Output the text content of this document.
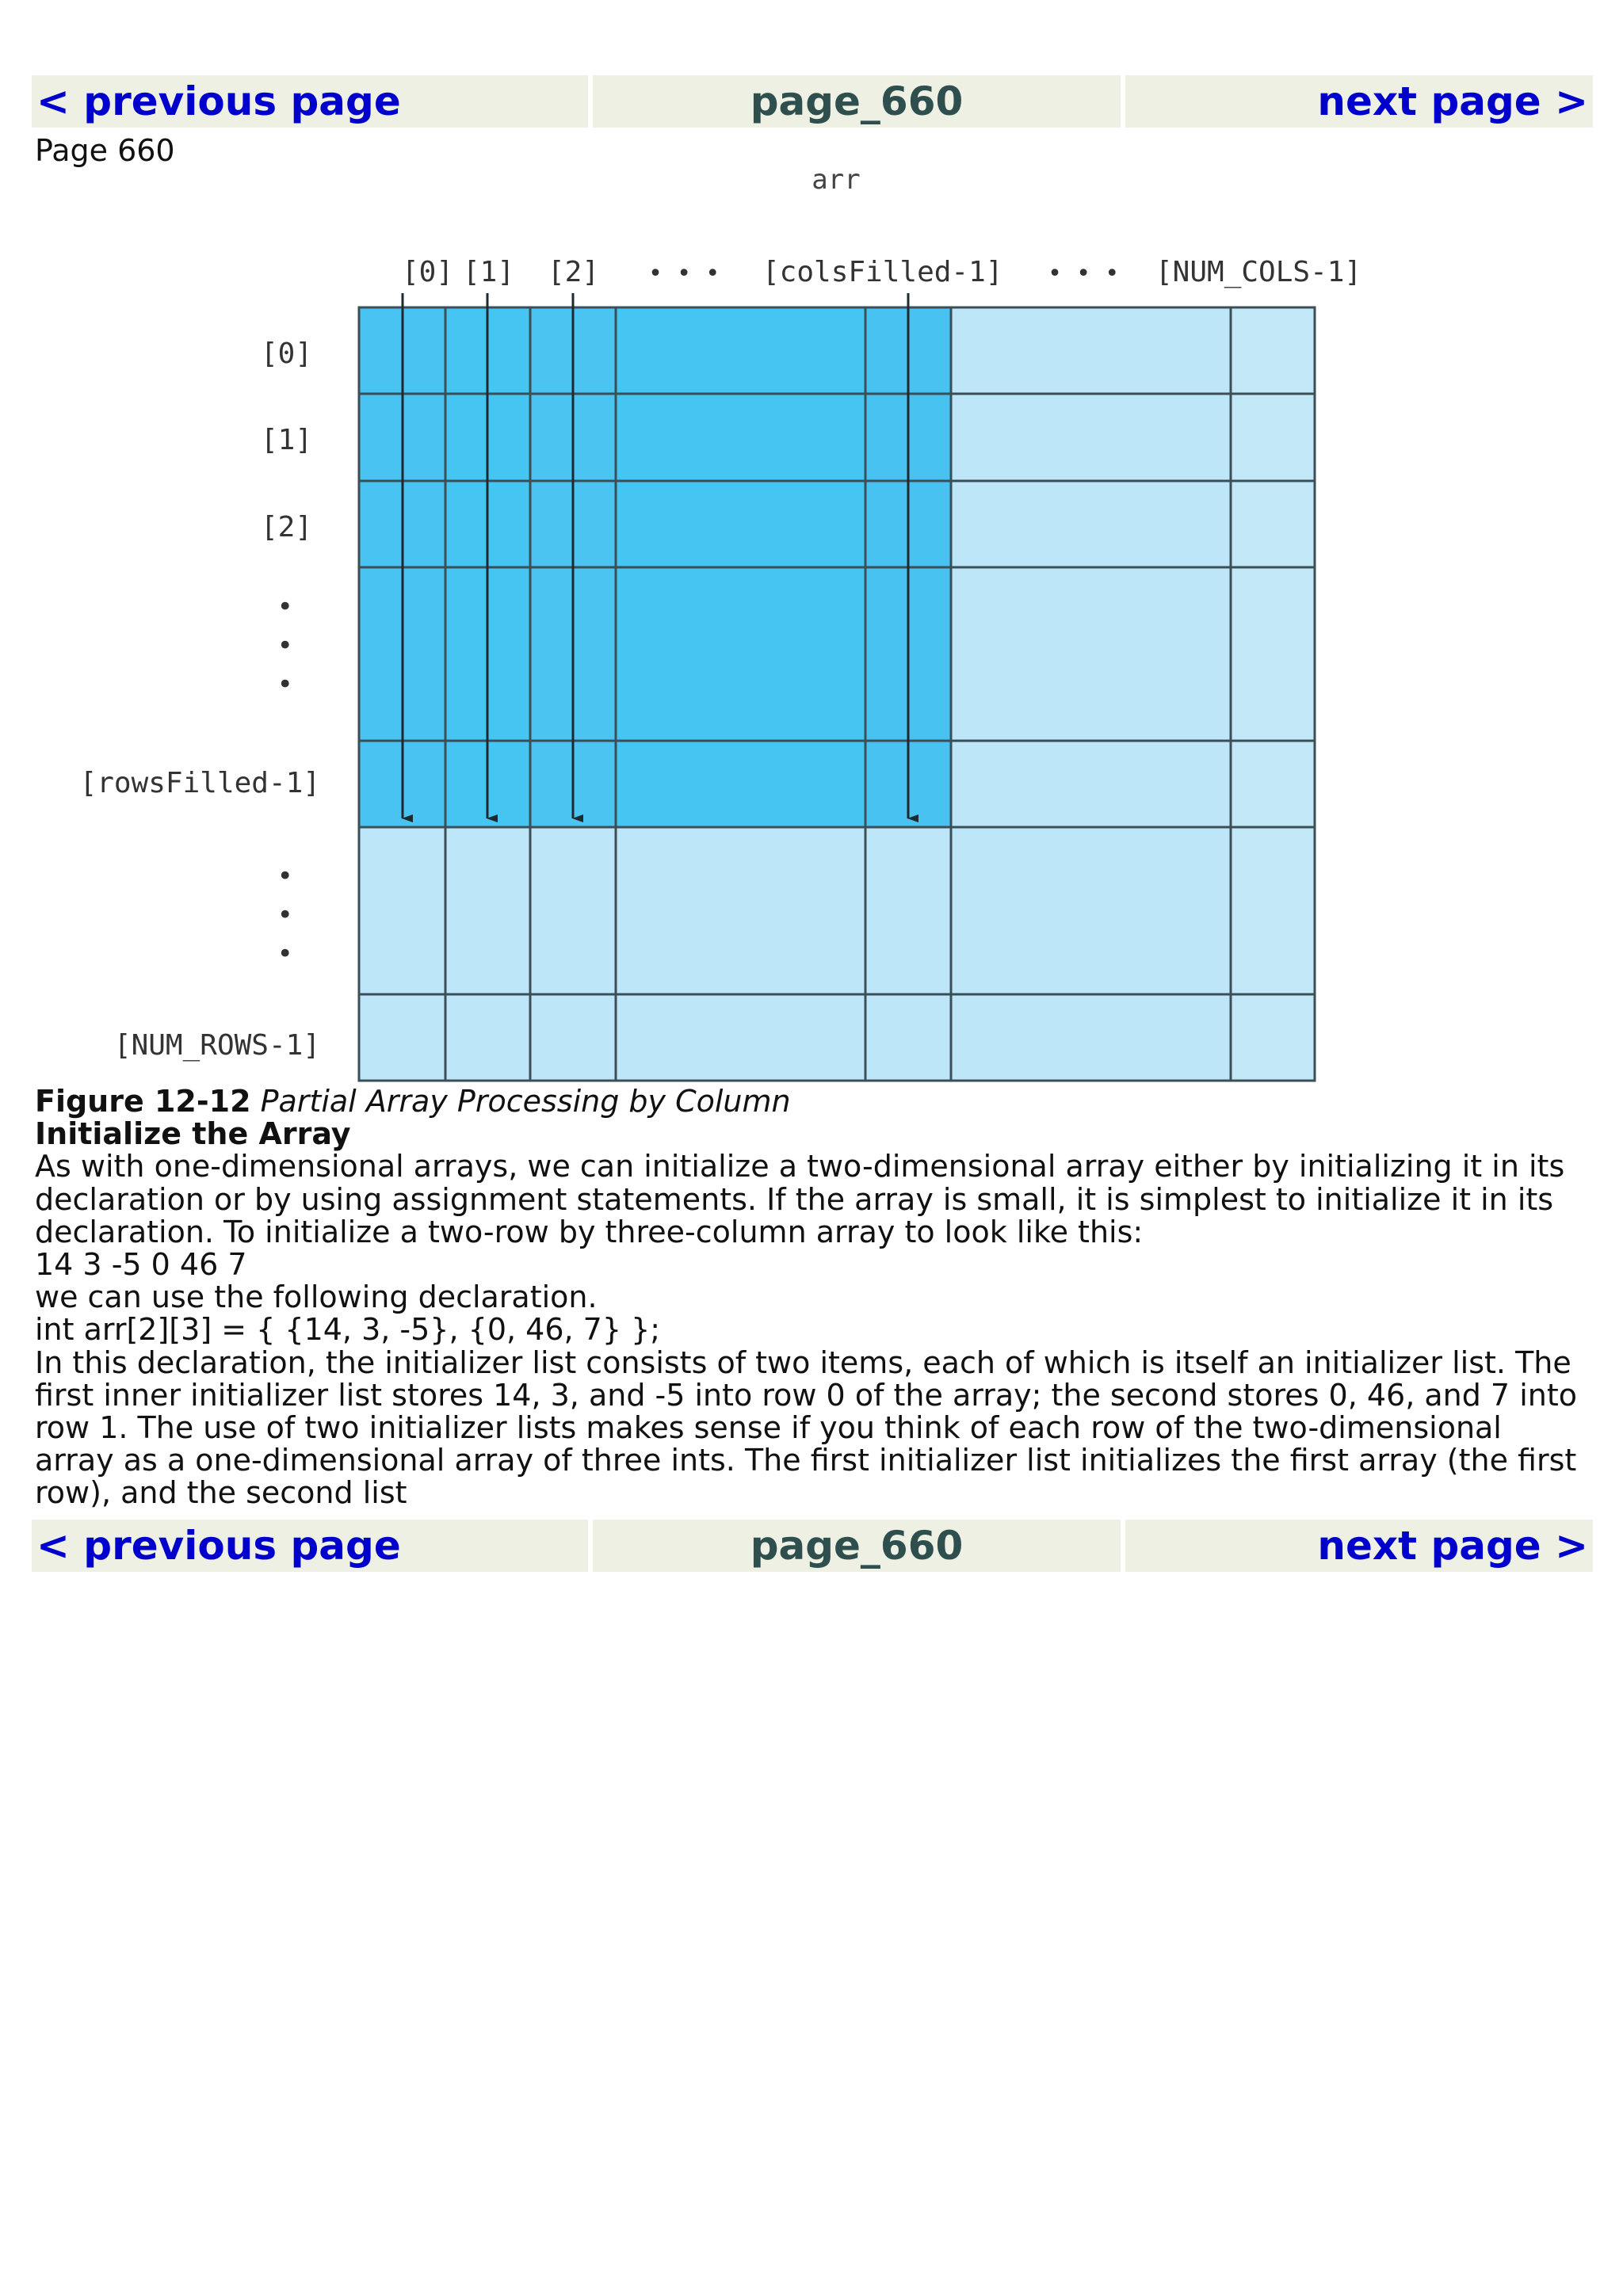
< previous page	page_660	next page >
Page 660
arr
[0] [1] [2] • • • [colsFilled-1] • • • [NUM_COLS-1]
[0]
[1]
[2]
•
•
•
[rowsFilled-1]
•
•
•
[NUM_ROWS-1]

Figure 12-12 Partial Array Processing by Column

Initialize the Array

As with one-dimensional arrays, we can initialize a two-dimensional array either by initializing it in its declaration or by using assignment statements. If the array is small, it is simplest to initialize it in its declaration. To initialize a two-row by three-column array to look like this:

14 3 -5 0 46 7

we can use the following declaration.

int arr[2][3] = { {14, 3, -5}, {0, 46, 7} };

In this declaration, the initializer list consists of two items, each of which is itself an initializer list. The first inner initializer list stores 14, 3, and -5 into row 0 of the array; the second stores 0, 46, and 7 into row 1. The use of two initializer lists makes sense if you think of each row of the two-dimensional array as a one-dimensional array of three ints. The first initializer list initializes the first array (the first row), and the second list

< previous page	page_660	next page >
